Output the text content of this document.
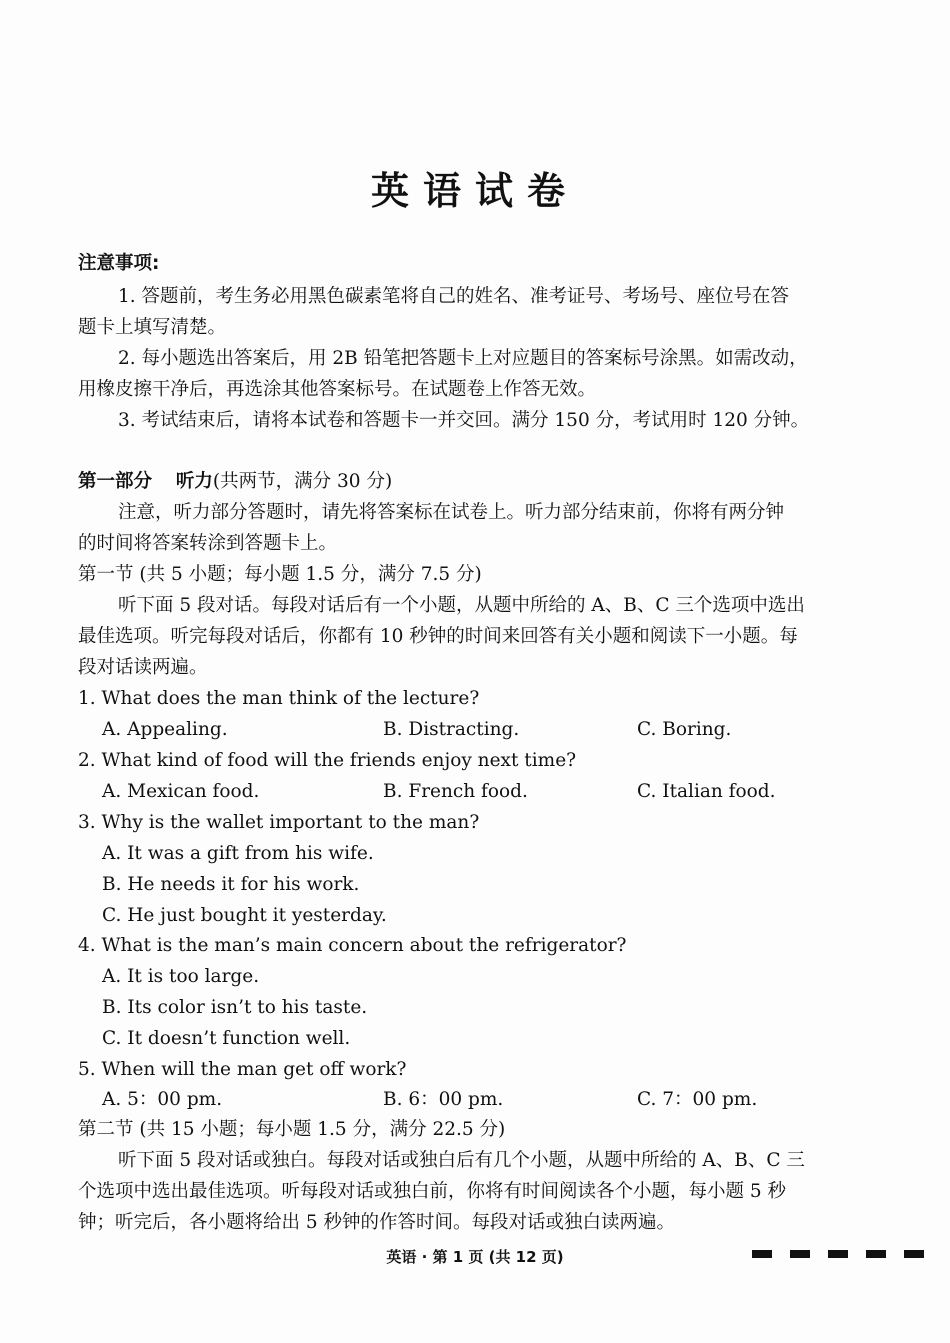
英语试卷
注意事项:
1. 答题前，考生务必用黑色碳素笔将自己的姓名、准考证号、考场号、座位号在答
题卡上填写清楚。
2. 每小题选出答案后，用 2B 铅笔把答题卡上对应题目的答案标号涂黑。如需改动，
用橡皮擦干净后，再选涂其他答案标号。在试题卷上作答无效。
3. 考试结束后，请将本试卷和答题卡一并交回。满分 150 分，考试用时 120 分钟。
第一部分 听力(共两节，满分 30 分)
注意，听力部分答题时，请先将答案标在试卷上。听力部分结束前，你将有两分钟
的时间将答案转涂到答题卡上。
第一节 (共 5 小题；每小题 1.5 分，满分 7.5 分)
听下面 5 段对话。每段对话后有一个小题，从题中所给的 A、B、C 三个选项中选出
最佳选项。听完每段对话后，你都有 10 秒钟的时间来回答有关小题和阅读下一小题。每
段对话读两遍。
1. What does the man think of the lecture?
A. Appealing.	B. Distracting.	C. Boring.
2. What kind of food will the friends enjoy next time?
A. Mexican food.	B. French food.	C. Italian food.
3. Why is the wallet important to the man?
A. It was a gift from his wife.
B. He needs it for his work.
C. He just bought it yesterday.
4. What is the man’s main concern about the refrigerator?
A. It is too large.
B. Its color isn’t to his taste.
C. It doesn’t function well.
5. When will the man get off work?
A. 5：00 pm.	B. 6：00 pm.	C. 7：00 pm.
第二节 (共 15 小题；每小题 1.5 分，满分 22.5 分)
听下面 5 段对话或独白。每段对话或独白后有几个小题，从题中所给的 A、B、C 三
个选项中选出最佳选项。听每段对话或独白前，你将有时间阅读各个小题，每小题 5 秒
钟；听完后，各小题将给出 5 秒钟的作答时间。每段对话或独白读两遍。
英语 · 第 1 页 (共 12 页)
